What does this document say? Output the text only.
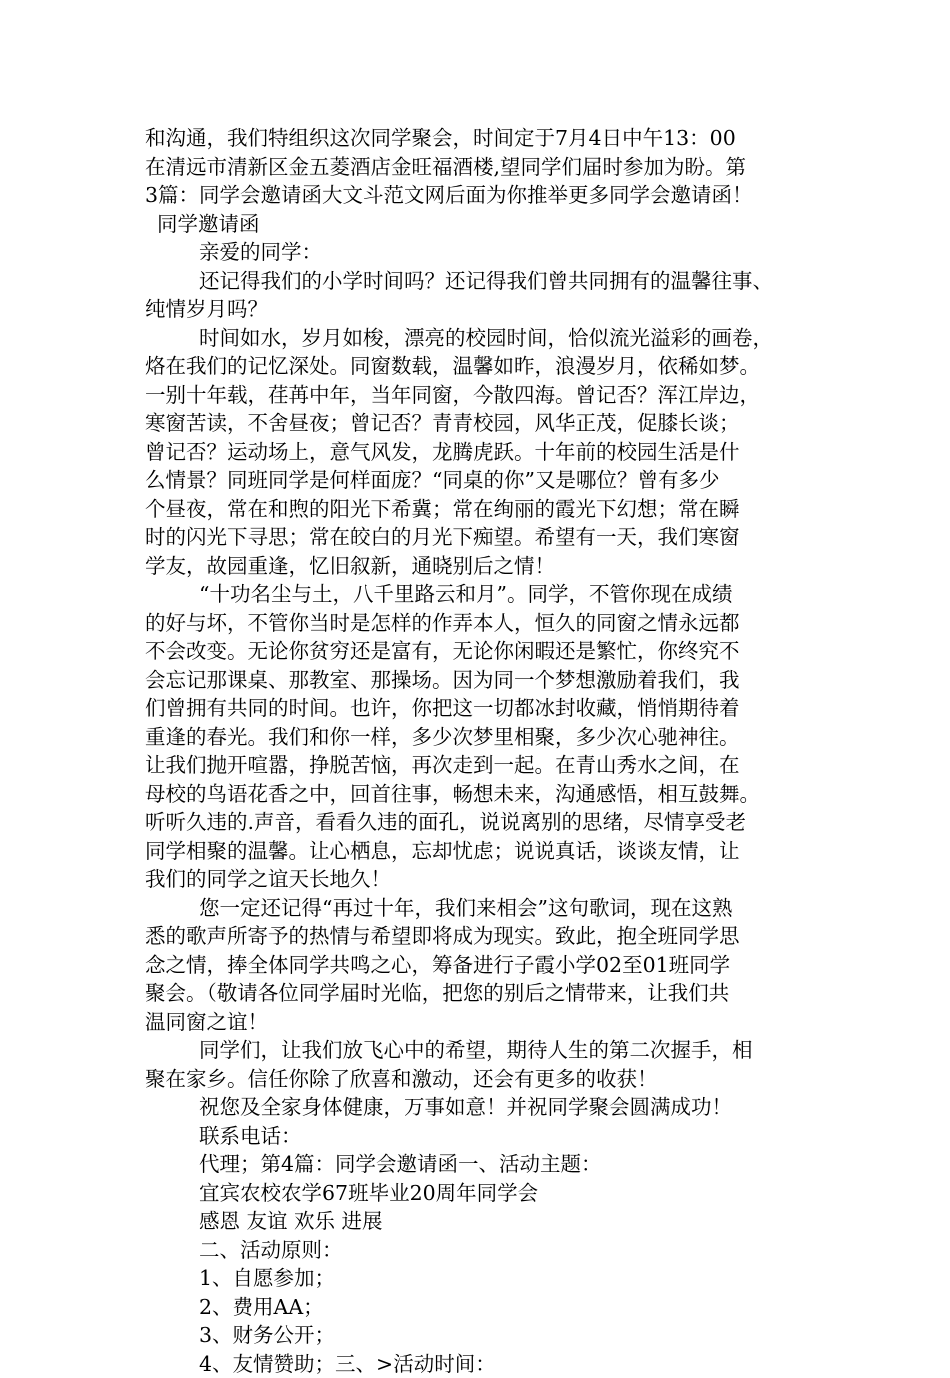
和沟通，我们特组织这次同学聚会，时间定于7月4日中午13：00
在清远市清新区金五菱酒店金旺福酒楼,望同学们届时参加为盼。第
3篇：同学会邀请函大文斗范文网后面为你推举更多同学会邀请函！
同学邀请函
亲爱的同学：
还记得我们的小学时间吗？还记得我们曾共同拥有的温馨往事、
纯情岁月吗？
时间如水，岁月如梭，漂亮的校园时间，恰似流光溢彩的画卷，
烙在我们的记忆深处。同窗数载，温馨如昨，浪漫岁月，依稀如梦。
一别十年载，荏苒中年，当年同窗，今散四海。曾记否？浑江岸边，
寒窗苦读，不舍昼夜；曾记否？青青校园，风华正茂，促膝长谈；
曾记否？运动场上，意气风发，龙腾虎跃。十年前的校园生活是什
么情景？同班同学是何样面庞？“同桌的你”又是哪位？曾有多少
个昼夜，常在和煦的阳光下希冀；常在绚丽的霞光下幻想；常在瞬
时的闪光下寻思；常在皎白的月光下痴望。希望有一天，我们寒窗
学友，故园重逢，忆旧叙新，通晓别后之情！
“十功名尘与土，八千里路云和月”。同学，不管你现在成绩
的好与坏，不管你当时是怎样的作弄本人，恒久的同窗之情永远都
不会改变。无论你贫穷还是富有，无论你闲暇还是繁忙，你终究不
会忘记那课桌、那教室、那操场。因为同一个梦想激励着我们，我
们曾拥有共同的时间。也许，你把这一切都冰封收藏，悄悄期待着
重逢的春光。我们和你一样，多少次梦里相聚，多少次心驰神往。
让我们抛开喧嚣，挣脱苦恼，再次走到一起。在青山秀水之间，在
母校的鸟语花香之中，回首往事，畅想未来，沟通感悟，相互鼓舞。
听听久违的.声音，看看久违的面孔，说说离别的思绪，尽情享受老
同学相聚的温馨。让心栖息，忘却忧虑；说说真话，谈谈友情，让
我们的同学之谊天长地久！
您一定还记得“再过十年，我们来相会”这句歌词，现在这熟
悉的歌声所寄予的热情与希望即将成为现实。致此，抱全班同学思
念之情，捧全体同学共鸣之心，筹备进行子霞小学02至01班同学
聚会。（敬请各位同学届时光临，把您的别后之情带来，让我们共
温同窗之谊！
同学们，让我们放飞心中的希望，期待人生的第二次握手，相
聚在家乡。信任你除了欣喜和激动，还会有更多的收获！
祝您及全家身体健康，万事如意！并祝同学聚会圆满成功！
联系电话：
代理；第4篇：同学会邀请函一、活动主题：
宜宾农校农学67班毕业20周年同学会
感恩 友谊 欢乐 进展
二、活动原则：
1、自愿参加；
2、费用AA；
3、财务公开；
4、友情赞助；三、>活动时间：
